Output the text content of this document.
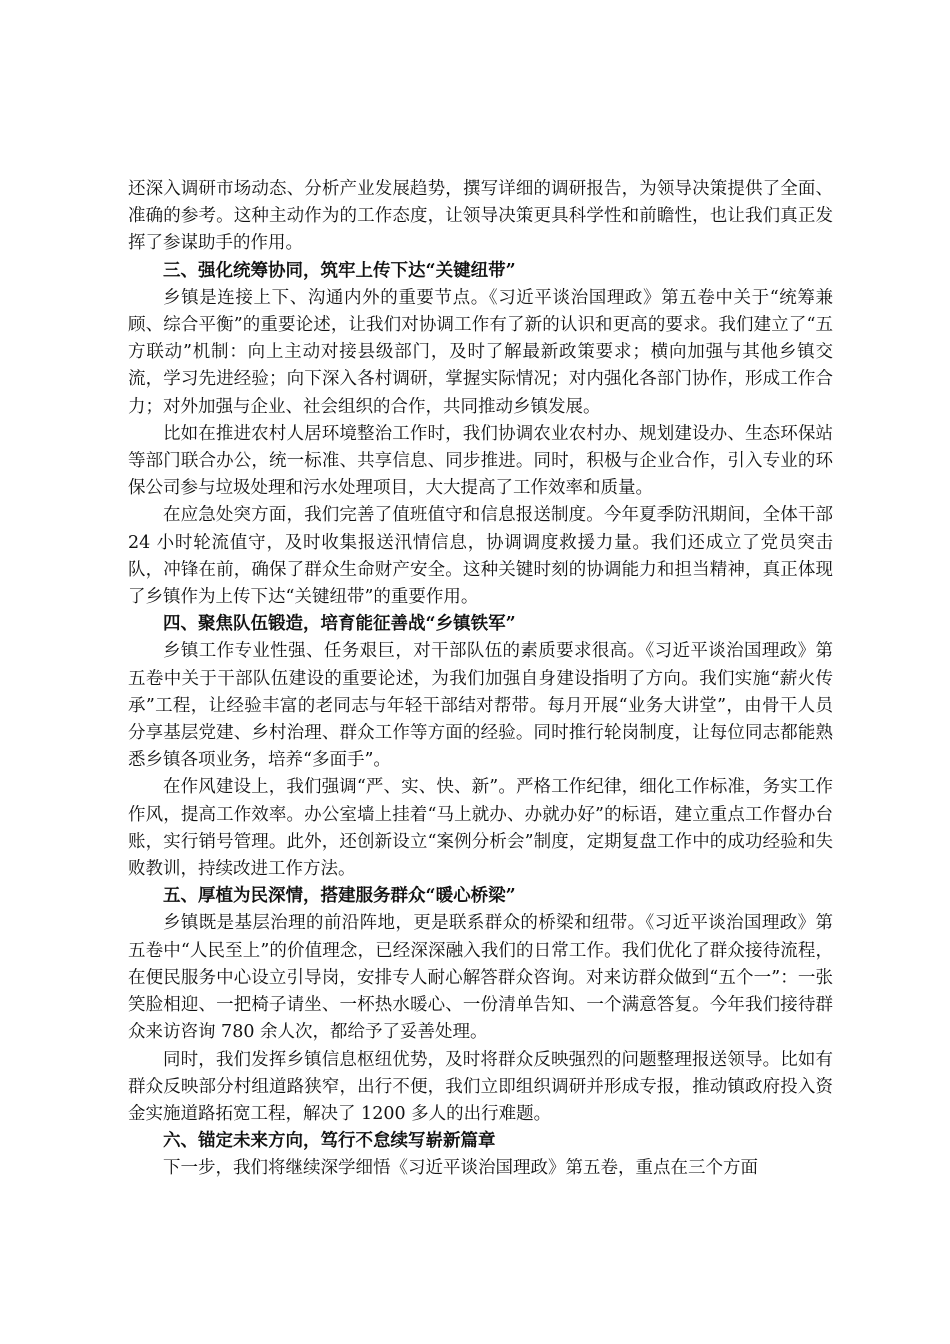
还深入调研市场动态、分析产业发展趋势，撰写详细的调研报告，为领导决策提供了全面、准确的参考。这种主动作为的工作态度，让领导决策更具科学性和前瞻性，也让我们真正发挥了参谋助手的作用。

三、强化统筹协同，筑牢上传下达“关键纽带”

乡镇是连接上下、沟通内外的重要节点。《习近平谈治国理政》第五卷中关于“统筹兼顾、综合平衡”的重要论述，让我们对协调工作有了新的认识和更高的要求。我们建立了“五方联动”机制：向上主动对接县级部门，及时了解最新政策要求；横向加强与其他乡镇交流，学习先进经验；向下深入各村调研，掌握实际情况；对内强化各部门协作，形成工作合力；对外加强与企业、社会组织的合作，共同推动乡镇发展。

比如在推进农村人居环境整治工作时，我们协调农业农村办、规划建设办、生态环保站等部门联合办公，统一标准、共享信息、同步推进。同时，积极与企业合作，引入专业的环保公司参与垃圾处理和污水处理项目，大大提高了工作效率和质量。

在应急处突方面，我们完善了值班值守和信息报送制度。今年夏季防汛期间，全体干部 24 小时轮流值守，及时收集报送汛情信息，协调调度救援力量。我们还成立了党员突击队，冲锋在前，确保了群众生命财产安全。这种关键时刻的协调能力和担当精神，真正体现了乡镇作为上传下达“关键纽带”的重要作用。

四、聚焦队伍锻造，培育能征善战“乡镇铁军”

乡镇工作专业性强、任务艰巨，对干部队伍的素质要求很高。《习近平谈治国理政》第五卷中关于干部队伍建设的重要论述，为我们加强自身建设指明了方向。我们实施“薪火传承”工程，让经验丰富的老同志与年轻干部结对帮带。每月开展“业务大讲堂”，由骨干人员分享基层党建、乡村治理、群众工作等方面的经验。同时推行轮岗制度，让每位同志都能熟悉乡镇各项业务，培养“多面手”。

在作风建设上，我们强调“严、实、快、新”。严格工作纪律，细化工作标准，务实工作作风，提高工作效率。办公室墙上挂着“马上就办、办就办好”的标语，建立重点工作督办台账，实行销号管理。此外，还创新设立“案例分析会”制度，定期复盘工作中的成功经验和失败教训，持续改进工作方法。

五、厚植为民深情，搭建服务群众“暖心桥梁”

乡镇既是基层治理的前沿阵地，更是联系群众的桥梁和纽带。《习近平谈治国理政》第五卷中“人民至上”的价值理念，已经深深融入我们的日常工作。我们优化了群众接待流程，在便民服务中心设立引导岗，安排专人耐心解答群众咨询。对来访群众做到“五个一”：一张笑脸相迎、一把椅子请坐、一杯热水暖心、一份清单告知、一个满意答复。今年我们接待群众来访咨询 780 余人次，都给予了妥善处理。

同时，我们发挥乡镇信息枢纽优势，及时将群众反映强烈的问题整理报送领导。比如有群众反映部分村组道路狭窄，出行不便，我们立即组织调研并形成专报，推动镇政府投入资金实施道路拓宽工程，解决了 1200 多人的出行难题。

六、锚定未来方向，笃行不怠续写崭新篇章

下一步，我们将继续深学细悟《习近平谈治国理政》第五卷，重点在三个方面
